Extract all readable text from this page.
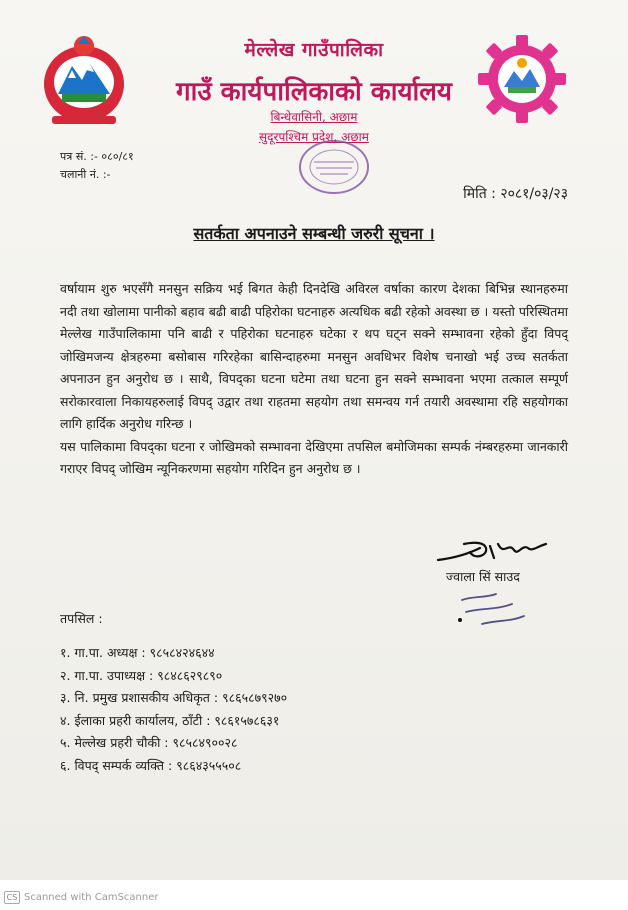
मेल्लेख गाउँपालिका
गाउँ कार्यपालिकाको कार्यालय
बिन्धेवासिनी, अछाम
सुदूरपश्चिम प्रदेश, अछाम
पत्र सं. :- ०८०/८१
चलानी नं. :-
मिति : २०८१/०३/२३
सतर्कता अपनाउने सम्बन्धी जरुरी सूचना ।

वर्षायाम शुरु भएसँगै मनसुन सक्रिय भई बिगत केही दिनदेखि अविरल वर्षाका कारण देशका बिभिन्न स्थानहरुमा नदी तथा खोलामा पानीको बहाव बढी बाढी पहिरोका घटनाहरु अत्यधिक बढी रहेको अवस्था छ । यस्तो परिस्थितमा मेल्लेख गाउँपालिकामा पनि बाढी र पहिरोका घटनाहरु घटेका र थप घट्न सक्ने सम्भावना रहेको हुँदा विपद् जोखिमजन्य क्षेत्रहरुमा बसोबास गरिरहेका बासिन्दाहरुमा मनसुन अवधिभर विशेष चनाखो भई उच्च सतर्कता अपनाउन हुन अनुरोध छ । साथै, विपद्का घटना घटेमा तथा घटना हुन सक्ने सम्भावना भएमा तत्काल सम्पूर्ण सरोकारवाला निकायहरुलाई विपद् उद्वार तथा राहतमा सहयोग तथा समन्वय गर्न तयारी अवस्थामा रहि सहयोगका लागि हार्दिक अनुरोध गरिन्छ ।

यस पालिकामा विपद्का घटना र जोखिमको सम्भावना देखिएमा तपसिल बमोजिमका सम्पर्क नंम्बरहरुमा जानकारी गराएर विपद् जोखिम न्यूनिकरणमा सहयोग गरिदिन हुन अनुरोध छ ।

ज्वाला सिं साउद
तपसिल :
१. गा.पा. अध्यक्ष : ९८५८४२४६४४
२. गा.पा. उपाध्यक्ष : ९८४८६२९८९०
३. नि. प्रमुख प्रशासकीय अधिकृत : ९८६५८७९२७०
४. ईलाका प्रहरी कार्यालय, ठाँटी : ९८६१५७८६३१
५. मेल्लेख प्रहरी चौकी : ९८५८४९००२८
६. विपद् सम्पर्क व्यक्ति : ९८६४३५५५०८
CS Scanned with CamScanner
